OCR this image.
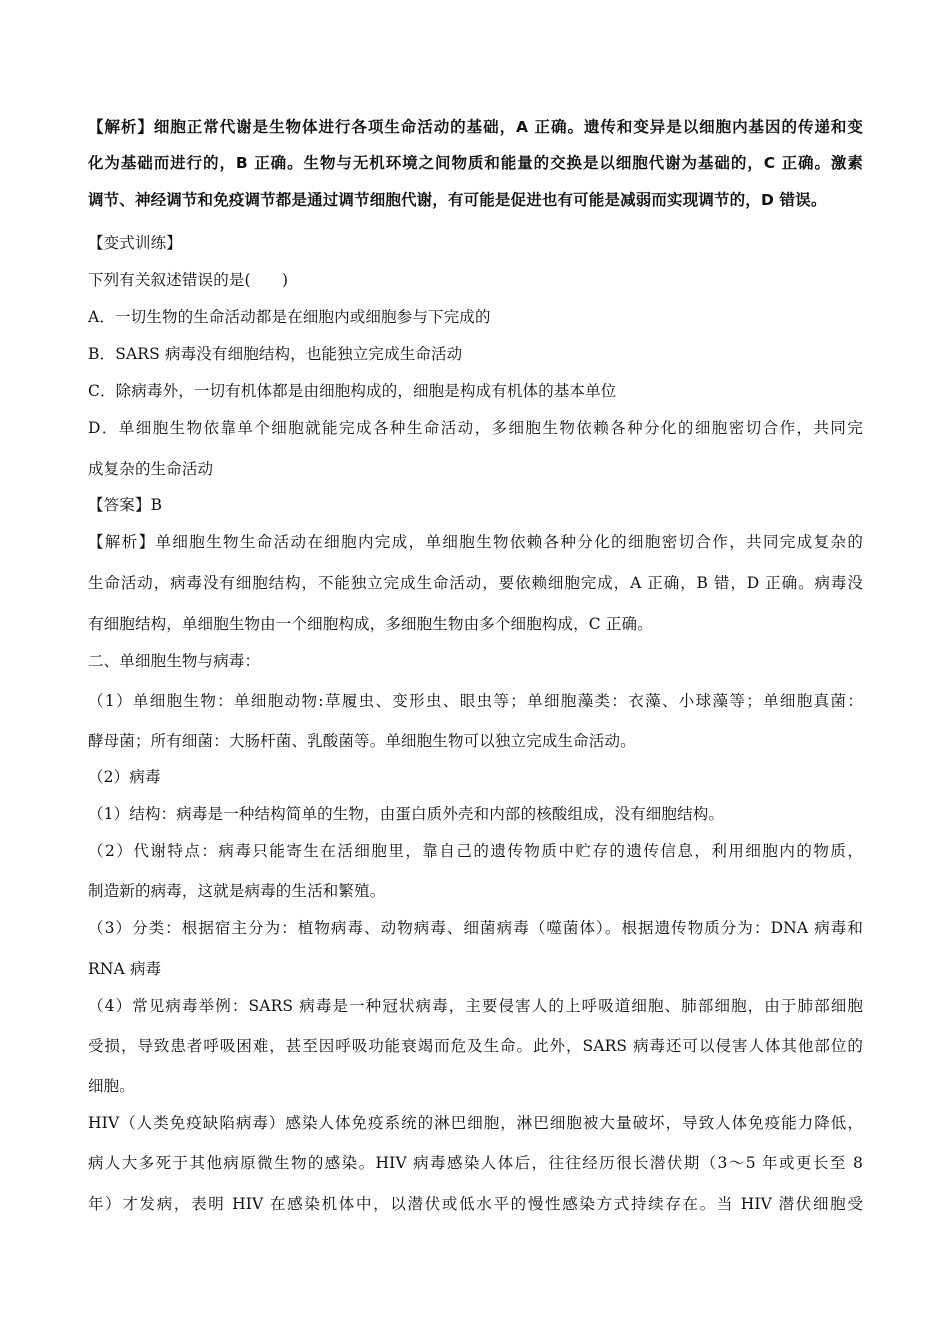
【解析】细胞正常代谢是生物体进行各项生命活动的基础，A 正确。遗传和变异是以细胞内基因的传递和变
化为基础而进行的，B 正确。生物与无机环境之间物质和能量的交换是以细胞代谢为基础的，C 正确。激素
调节、神经调节和免疫调节都是通过调节细胞代谢，有可能是促进也有可能是减弱而实现调节的，D 错误。
【变式训练】
下列有关叙述错误的是(　　)
A．一切生物的生命活动都是在细胞内或细胞参与下完成的
B．SARS 病毒没有细胞结构，也能独立完成生命活动
C．除病毒外，一切有机体都是由细胞构成的，细胞是构成有机体的基本单位
D．单细胞生物依靠单个细胞就能完成各种生命活动，多细胞生物依赖各种分化的细胞密切合作，共同完
成复杂的生命活动
【答案】B
【解析】单细胞生物生命活动在细胞内完成，单细胞生物依赖各种分化的细胞密切合作，共同完成复杂的
生命活动，病毒没有细胞结构，不能独立完成生命活动，要依赖细胞完成，A 正确，B 错，D 正确。病毒没
有细胞结构，单细胞生物由一个细胞构成，多细胞生物由多个细胞构成，C 正确。
二、单细胞生物与病毒：
（1）单细胞生物：单细胞动物:草履虫、变形虫、眼虫等；单细胞藻类：衣藻、小球藻等；单细胞真菌：
酵母菌；所有细菌：大肠杆菌、乳酸菌等。单细胞生物可以独立完成生命活动。
（2）病毒
（1）结构：病毒是一种结构简单的生物，由蛋白质外壳和内部的核酸组成，没有细胞结构。
（2）代谢特点：病毒只能寄生在活细胞里，靠自己的遗传物质中贮存的遗传信息，利用细胞内的物质，
制造新的病毒，这就是病毒的生活和繁殖。
（3）分类：根据宿主分为：植物病毒、动物病毒、细菌病毒（噬菌体）。根据遗传物质分为：DNA 病毒和
RNA 病毒
（4）常见病毒举例：SARS 病毒是一种冠状病毒，主要侵害人的上呼吸道细胞、肺部细胞，由于肺部细胞
受损，导致患者呼吸困难，甚至因呼吸功能衰竭而危及生命。此外，SARS 病毒还可以侵害人体其他部位的
细胞。
HIV（人类免疫缺陷病毒）感染人体免疫系统的淋巴细胞，淋巴细胞被大量破坏，导致人体免疫能力降低，
病人大多死于其他病原微生物的感染。HIV 病毒感染人体后，往往经历很长潜伏期（3～5 年或更长至 8
年）才发病，表明 HIV 在感染机体中，以潜伏或低水平的慢性感染方式持续存在。当 HIV 潜伏细胞受
